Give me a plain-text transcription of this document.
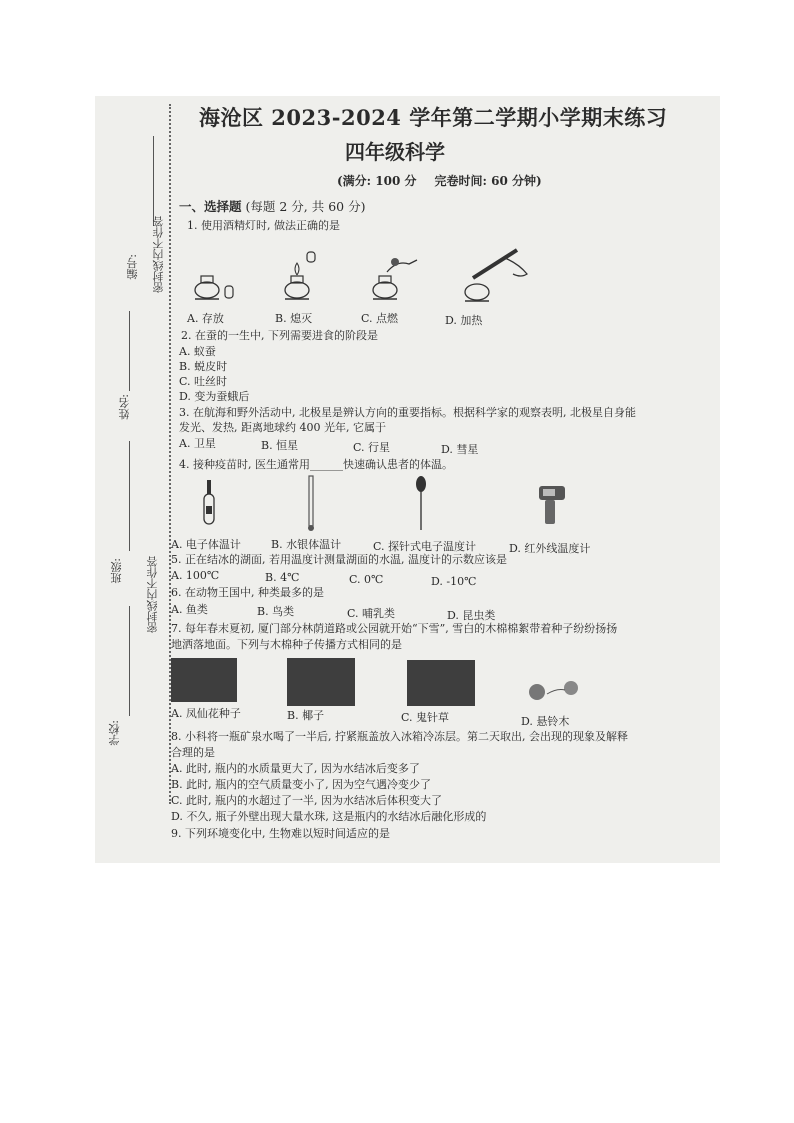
编号: 密封线内不作答
姓名:
班级: 密封线内不作答
学校:
海沧区 2023-2024 学年第二学期小学期末练习
四年级科学
(满分: 100 分 完卷时间: 60 分钟)
一、选择题 (每题 2 分, 共 60 分)
1. 使用酒精灯时, 做法正确的是
A. 存放	B. 熄灭	C. 点燃	D. 加热
2. 在蚕的一生中, 下列需要进食的阶段是
A. 蚁蚕
B. 蜕皮时
C. 吐丝时
D. 变为蚕蛾后
3. 在航海和野外活动中, 北极星是辨认方向的重要指标。根据科学家的观察表明, 北极星自身能
发光、发热, 距离地球约 400 光年, 它属于
A. 卫星	B. 恒星	C. 行星	D. 彗星
4. 接种疫苗时, 医生通常用______快速确认患者的体温。
A. 电子体温计	B. 水银体温计	C. 探针式电子温度计	D. 红外线温度计
5. 正在结冰的湖面, 若用温度计测量湖面的水温, 温度计的示数应该是
A. 100℃	B. 4℃	C. 0℃	D. -10℃
6. 在动物王国中, 种类最多的是
A. 鱼类	B. 鸟类	C. 哺乳类	D. 昆虫类
7. 每年春末夏初, 厦门部分林荫道路或公园就开始“下雪”, 雪白的木棉棉絮带着种子纷纷扬扬
地洒落地面。下列与木棉种子传播方式相同的是
A. 凤仙花种子	B. 椰子	C. 鬼针草	D. 悬铃木
8. 小科将一瓶矿泉水喝了一半后, 拧紧瓶盖放入冰箱冷冻层。第二天取出, 会出现的现象及解释
合理的是
A. 此时, 瓶内的水质量更大了, 因为水结冰后变多了
B. 此时, 瓶内的空气质量变小了, 因为空气遇冷变少了
C. 此时, 瓶内的水超过了一半, 因为水结冰后体积变大了
D. 不久, 瓶子外壁出现大量水珠, 这是瓶内的水结冰后融化形成的
9. 下列环境变化中, 生物难以短时间适应的是
